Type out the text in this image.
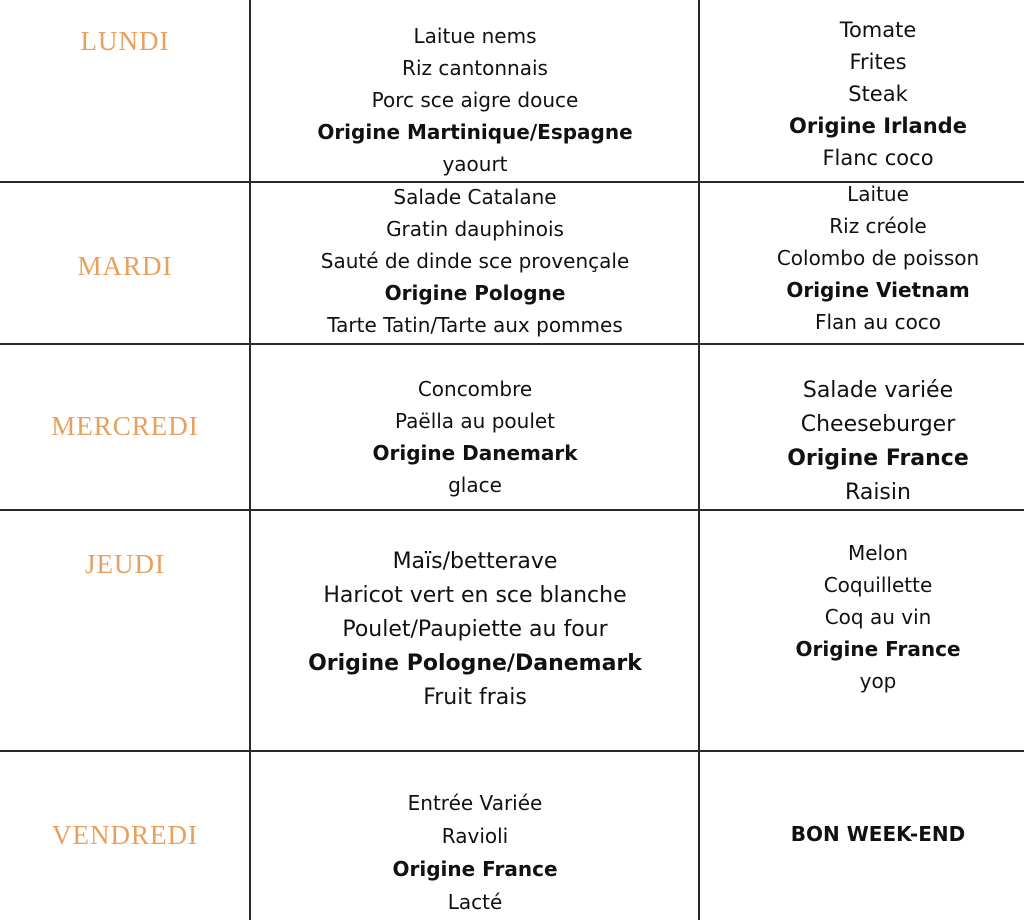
LUNDI	Laitue nems
Riz cantonnais
Porc sce aigre douce
Origine Martinique/Espagne
yaourt
Tomate
Frites
Steak
Origine Irlande
Flanc coco
MARDI
Salade Catalane
Gratin dauphinois
Sauté de dinde sce provençale
Origine Pologne
Tarte Tatin/Tarte aux pommes
Laitue
Riz créole
Colombo de poisson
Origine Vietnam
Flan au coco
MERCREDI
Concombre
Paëlla au poulet
Origine Danemark
glace
Salade variée
Cheeseburger
Origine France
Raisin
JEUDI	Maïs/betterave
Haricot vert en sce blanche
Poulet/Paupiette au four
Origine Pologne/Danemark
Fruit frais
Melon
Coquillette
Coq au vin
Origine France
yop
VENDREDI
Entrée Variée
Ravioli
Origine France
Lacté
BON WEEK-END
